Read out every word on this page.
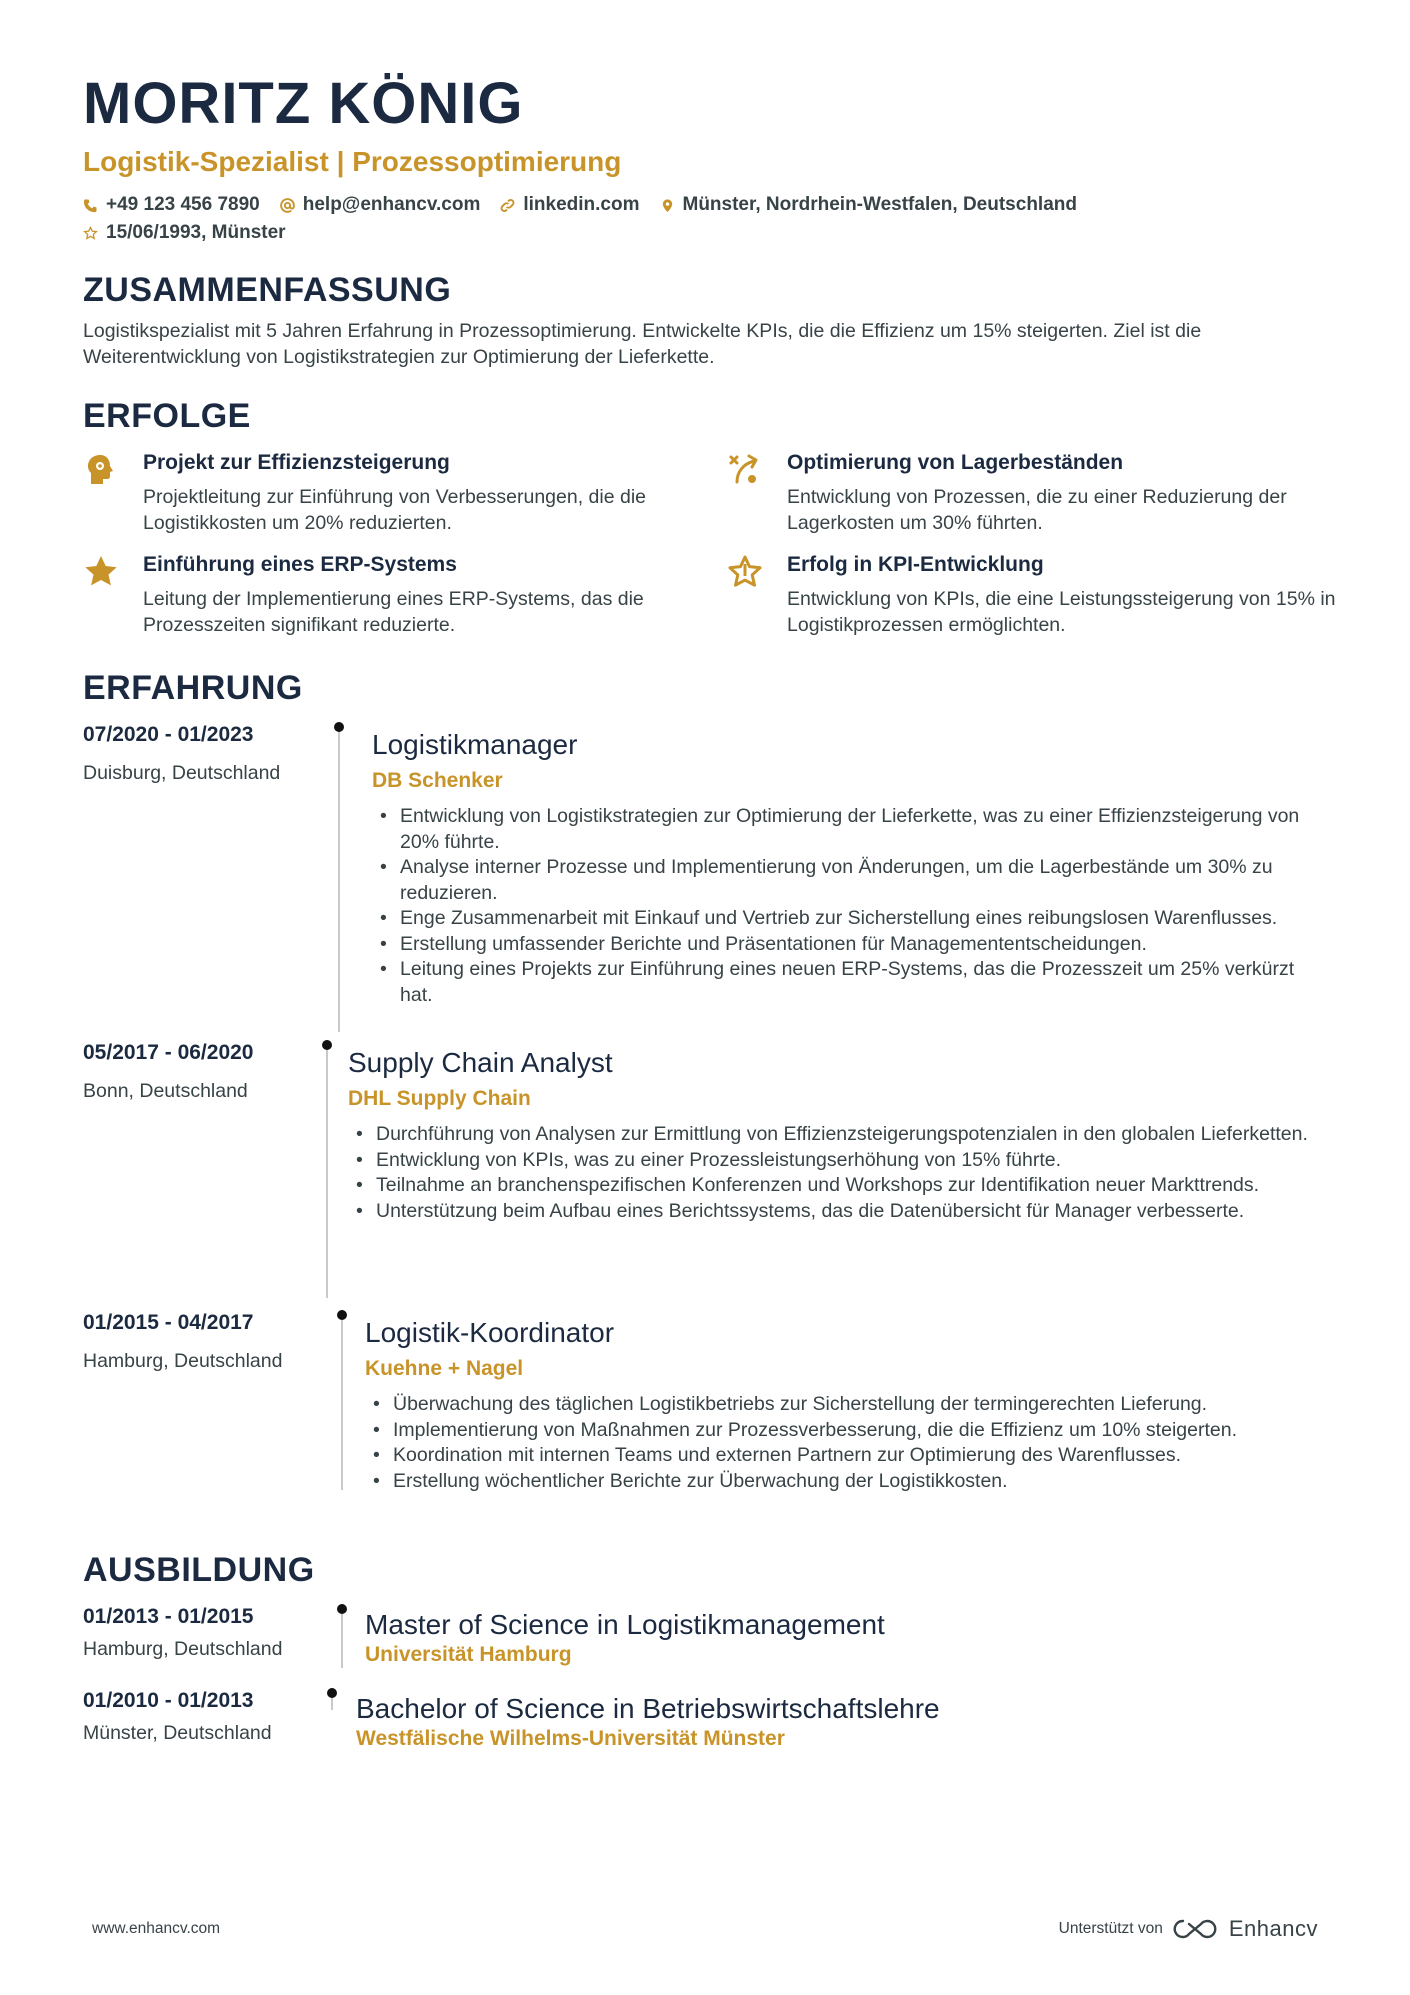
MORITZ KÖNIG
Logistik-Spezialist | Prozessoptimierung
+49 123 456 7890 help@enhancv.com linkedin.com Münster, Nordrhein-Westfalen, Deutschland
15/06/1993, Münster
ZUSAMMENFASSUNG
Logistikspezialist mit 5 Jahren Erfahrung in Prozessoptimierung. Entwickelte KPIs, die die Effizienz um 15% steigerten. Ziel ist die Weiterentwicklung von Logistikstrategien zur Optimierung der Lieferkette.
ERFOLGE
Projekt zur Effizienzsteigerung
Projektleitung zur Einführung von Verbesserungen, die die Logistikkosten um 20% reduzierten.
Optimierung von Lagerbeständen
Entwicklung von Prozessen, die zu einer Reduzierung der Lagerkosten um 30% führten.
Einführung eines ERP-Systems
Leitung der Implementierung eines ERP-Systems, das die Prozesszeiten signifikant reduzierte.
Erfolg in KPI-Entwicklung
Entwicklung von KPIs, die eine Leistungssteigerung von 15% in Logistikprozessen ermöglichten.
ERFAHRUNG
07/2020 - 01/2023
Duisburg, Deutschland
Logistikmanager
DB Schenker
• Entwicklung von Logistikstrategien zur Optimierung der Lieferkette, was zu einer Effizienzsteigerung von 20% führte.
• Analyse interner Prozesse und Implementierung von Änderungen, um die Lagerbestände um 30% zu reduzieren.
• Enge Zusammenarbeit mit Einkauf und Vertrieb zur Sicherstellung eines reibungslosen Warenflusses.
• Erstellung umfassender Berichte und Präsentationen für Managemententscheidungen.
• Leitung eines Projekts zur Einführung eines neuen ERP-Systems, das die Prozesszeit um 25% verkürzt hat.
05/2017 - 06/2020
Bonn, Deutschland
Supply Chain Analyst
DHL Supply Chain
• Durchführung von Analysen zur Ermittlung von Effizienzsteigerungspotenzialen in den globalen Lieferketten.
• Entwicklung von KPIs, was zu einer Prozessleistungserhöhung von 15% führte.
• Teilnahme an branchenspezifischen Konferenzen und Workshops zur Identifikation neuer Markttrends.
• Unterstützung beim Aufbau eines Berichtssystems, das die Datenübersicht für Manager verbesserte.
01/2015 - 04/2017
Hamburg, Deutschland
Logistik-Koordinator
Kuehne + Nagel
• Überwachung des täglichen Logistikbetriebs zur Sicherstellung der termingerechten Lieferung.
• Implementierung von Maßnahmen zur Prozessverbesserung, die die Effizienz um 10% steigerten.
• Koordination mit internen Teams und externen Partnern zur Optimierung des Warenflusses.
• Erstellung wöchentlicher Berichte zur Überwachung der Logistikkosten.
AUSBILDUNG
01/2013 - 01/2015
Hamburg, Deutschland
Master of Science in Logistikmanagement
Universität Hamburg
01/2010 - 01/2013
Münster, Deutschland
Bachelor of Science in Betriebswirtschaftslehre
Westfälische Wilhelms-Universität Münster
www.enhancv.com	Unterstützt von	Enhancv
